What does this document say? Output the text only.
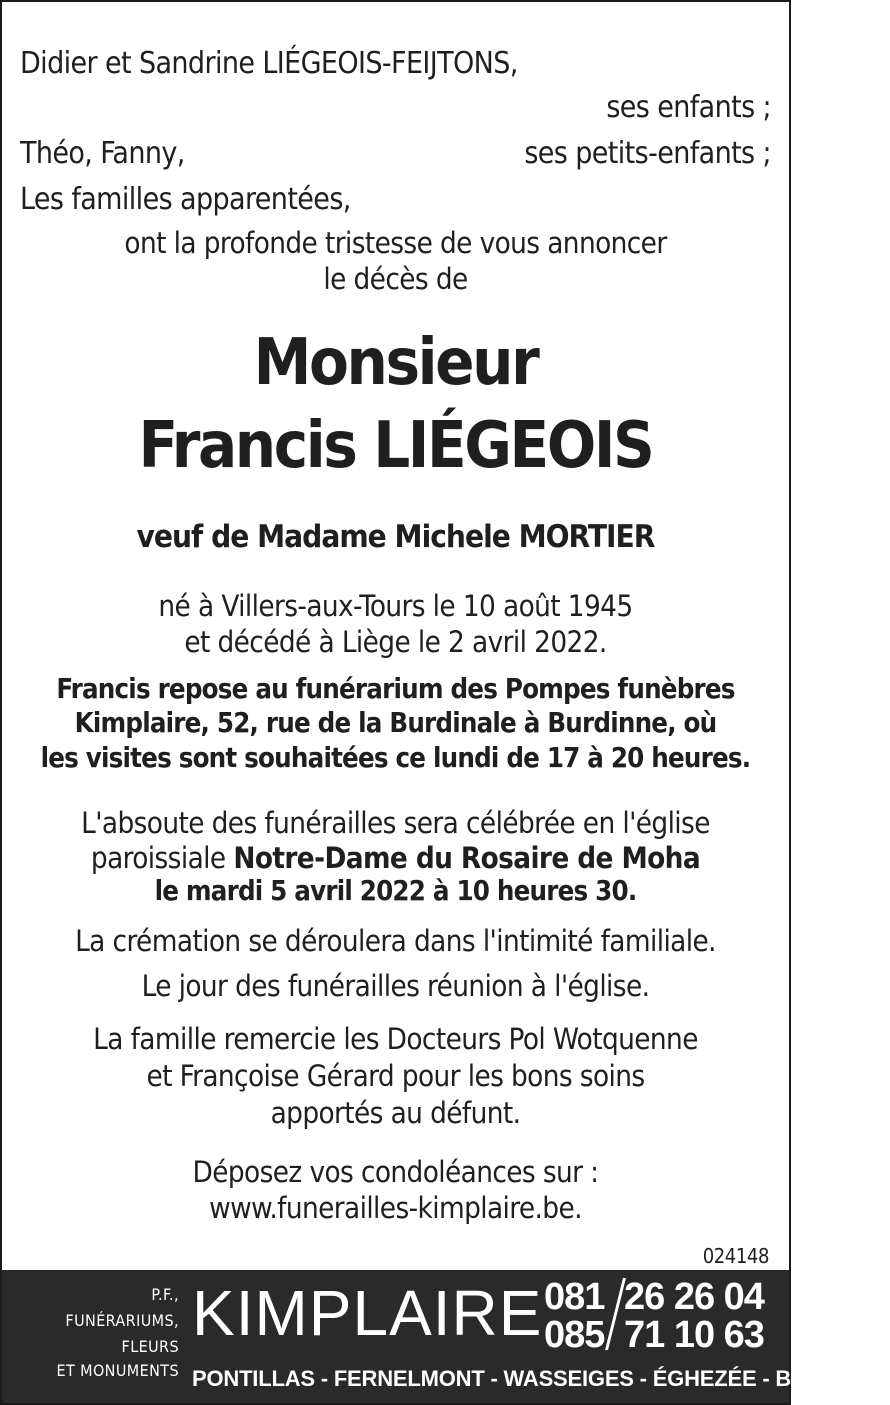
Didier et Sandrine LIÉGEOIS-FEIJTONS,
ses enfants ;
Théo, Fanny,	ses petits-enfants ;
Les familles apparentées,
ont la profonde tristesse de vous annoncer
le décès de
Monsieur
Francis LIÉGEOIS
veuf de Madame Michele MORTIER
né à Villers-aux-Tours le 10 août 1945
et décédé à Liège le 2 avril 2022.
Francis repose au funérarium des Pompes funèbres
Kimplaire, 52, rue de la Burdinale à Burdinne, où
les visites sont souhaitées ce lundi de 17 à 20 heures.
L'absoute des funérailles sera célébrée en l'église
paroissiale Notre-Dame du Rosaire de Moha
le mardi 5 avril 2022 à 10 heures 30.
La crémation se déroulera dans l'intimité familiale.
Le jour des funérailles réunion à l'église.
La famille remercie les Docteurs Pol Wotquenne
et Françoise Gérard pour les bons soins
apportés au défunt.
Déposez vos condoléances sur :
www.funerailles-kimplaire.be.
024148
P.F.,
FUNÉRARIUMS,
FLEURS
ET MONUMENTS
KIMPLAIRE 081 26 26 04
085 71 10 63
PONTILLAS - FERNELMONT - WASSEIGES - ÉGHEZÉE - BURDINNE
